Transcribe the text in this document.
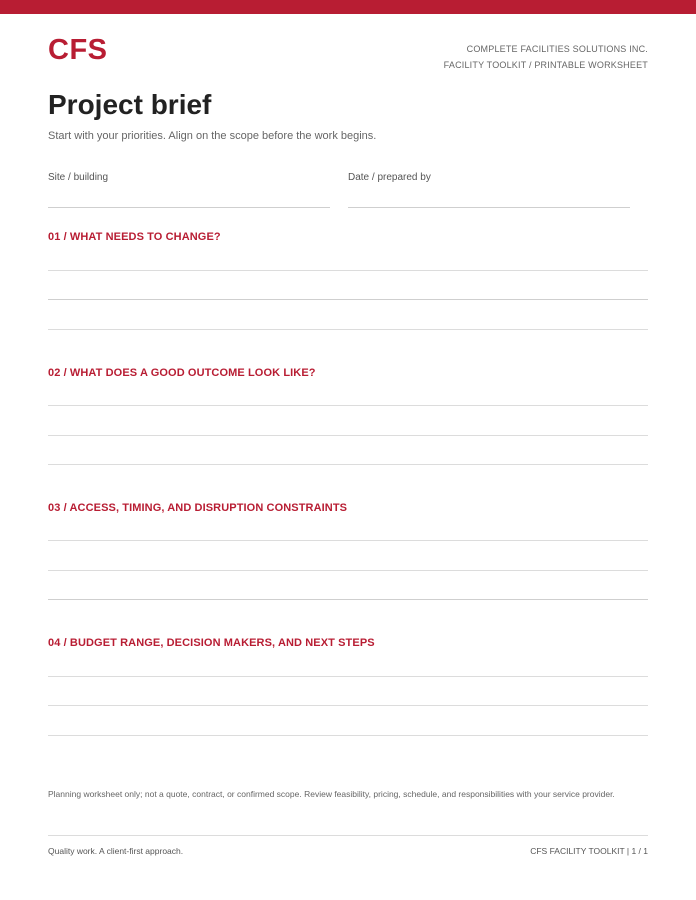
CFS	COMPLETE FACILITIES SOLUTIONS INC.
FACILITY TOOLKIT / PRINTABLE WORKSHEET
Project brief
Start with your priorities. Align on the scope before the work begins.
Site / building	Date / prepared by
01 / WHAT NEEDS TO CHANGE?
02 / WHAT DOES A GOOD OUTCOME LOOK LIKE?
03 / ACCESS, TIMING, AND DISRUPTION CONSTRAINTS
04 / BUDGET RANGE, DECISION MAKERS, AND NEXT STEPS
Planning worksheet only; not a quote, contract, or confirmed scope. Review feasibility, pricing, schedule, and responsibilities with your service provider.
Quality work. A client-first approach.	CFS FACILITY TOOLKIT | 1 / 1
